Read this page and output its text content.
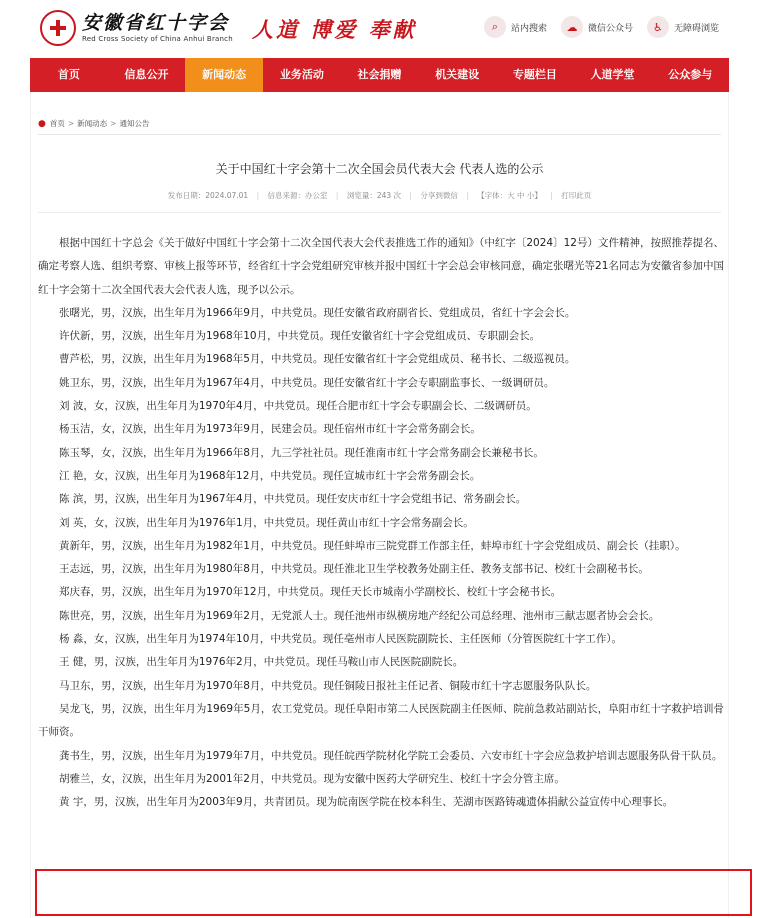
安徽省红十字会
Red Cross Society of China Anhui Branch 人道 博爱 奉献	⌕	站内搜索	☁	微信公众号	♿	无障碍浏览
首页	信息公开	新闻动态	业务活动	社会捐赠	机关建设	专题栏目	人道学堂	公众参与
● 首页 > 新闻动态 > 通知公告
关于中国红十字会第十二次全国会员代表大会 代表人选的公示
发布日期：2024.07.01 | 信息来源：办公室 | 浏览量：243 次 | 分享到微信 | 【字体：大 中 小】 | 打印此页

根据中国红十字总会《关于做好中国红十字会第十二次全国代表大会代表推选工作的通知》（中红字〔2024〕12号）文件精神，按照推荐提名、确定考察人选、组织考察、审核上报等环节，经省红十字会党组研究审核并报中国红十字会总会审核同意，确定张曙光等21名同志为安徽省参加中国红十字会第十二次全国代表大会代表人选，现予以公示。

张曙光，男，汉族，出生年月为1966年9月，中共党员。现任安徽省政府副省长、党组成员，省红十字会会长。

许伏新，男，汉族，出生年月为1968年10月，中共党员。现任安徽省红十字会党组成员、专职副会长。

曹芦松，男，汉族，出生年月为1968年5月，中共党员。现任安徽省红十字会党组成员、秘书长、二级巡视员。

姚卫东，男，汉族，出生年月为1967年4月，中共党员。现任安徽省红十字会专职副监事长、一级调研员。

刘 波，女，汉族，出生年月为1970年4月，中共党员。现任合肥市红十字会专职副会长、二级调研员。

杨玉洁，女，汉族，出生年月为1973年9月，民建会员。现任宿州市红十字会常务副会长。

陈玉琴，女，汉族，出生年月为1966年8月，九三学社社员。现任淮南市红十字会常务副会长兼秘书长。

江 艳，女，汉族，出生年月为1968年12月，中共党员。现任宣城市红十字会常务副会长。

陈 滨，男，汉族，出生年月为1967年4月，中共党员。现任安庆市红十字会党组书记、常务副会长。

刘 英，女，汉族，出生年月为1976年1月，中共党员。现任黄山市红十字会常务副会长。

黄新年，男，汉族，出生年月为1982年1月，中共党员。现任蚌埠市三院党群工作部主任，蚌埠市红十字会党组成员、副会长（挂职）。

王志远，男，汉族，出生年月为1980年8月，中共党员。现任淮北卫生学校教务处副主任、教务支部书记、校红十会副秘书长。

郑庆春，男，汉族，出生年月为1970年12月，中共党员。现任天长市城南小学副校长、校红十字会秘书长。

陈世亮，男，汉族，出生年月为1969年2月，无党派人士。现任池州市纵横房地产经纪公司总经理、池州市三献志愿者协会会长。

杨 淼，女，汉族，出生年月为1974年10月，中共党员。现任亳州市人民医院副院长、主任医师（分管医院红十字工作）。

王 健，男，汉族，出生年月为1976年2月，中共党员。现任马鞍山市人民医院副院长。

马卫东，男，汉族，出生年月为1970年8月，中共党员。现任铜陵日报社主任记者、铜陵市红十字志愿服务队队长。

吴龙飞，男，汉族，出生年月为1969年5月，农工党党员。现任阜阳市第二人民医院副主任医师、院前急救站副站长，阜阳市红十字救护培训骨干师资。

龚书生，男，汉族，出生年月为1979年7月，中共党员。现任皖西学院材化学院工会委员、六安市红十字会应急救护培训志愿服务队骨干队员。

胡雅兰，女，汉族，出生年月为2001年2月，中共党员。现为安徽中医药大学研究生、校红十字会分管主席。

黄 宇，男，汉族，出生年月为2003年9月，共青团员。现为皖南医学院在校本科生、芜湖市医路铸魂遗体捐献公益宣传中心理事长。
